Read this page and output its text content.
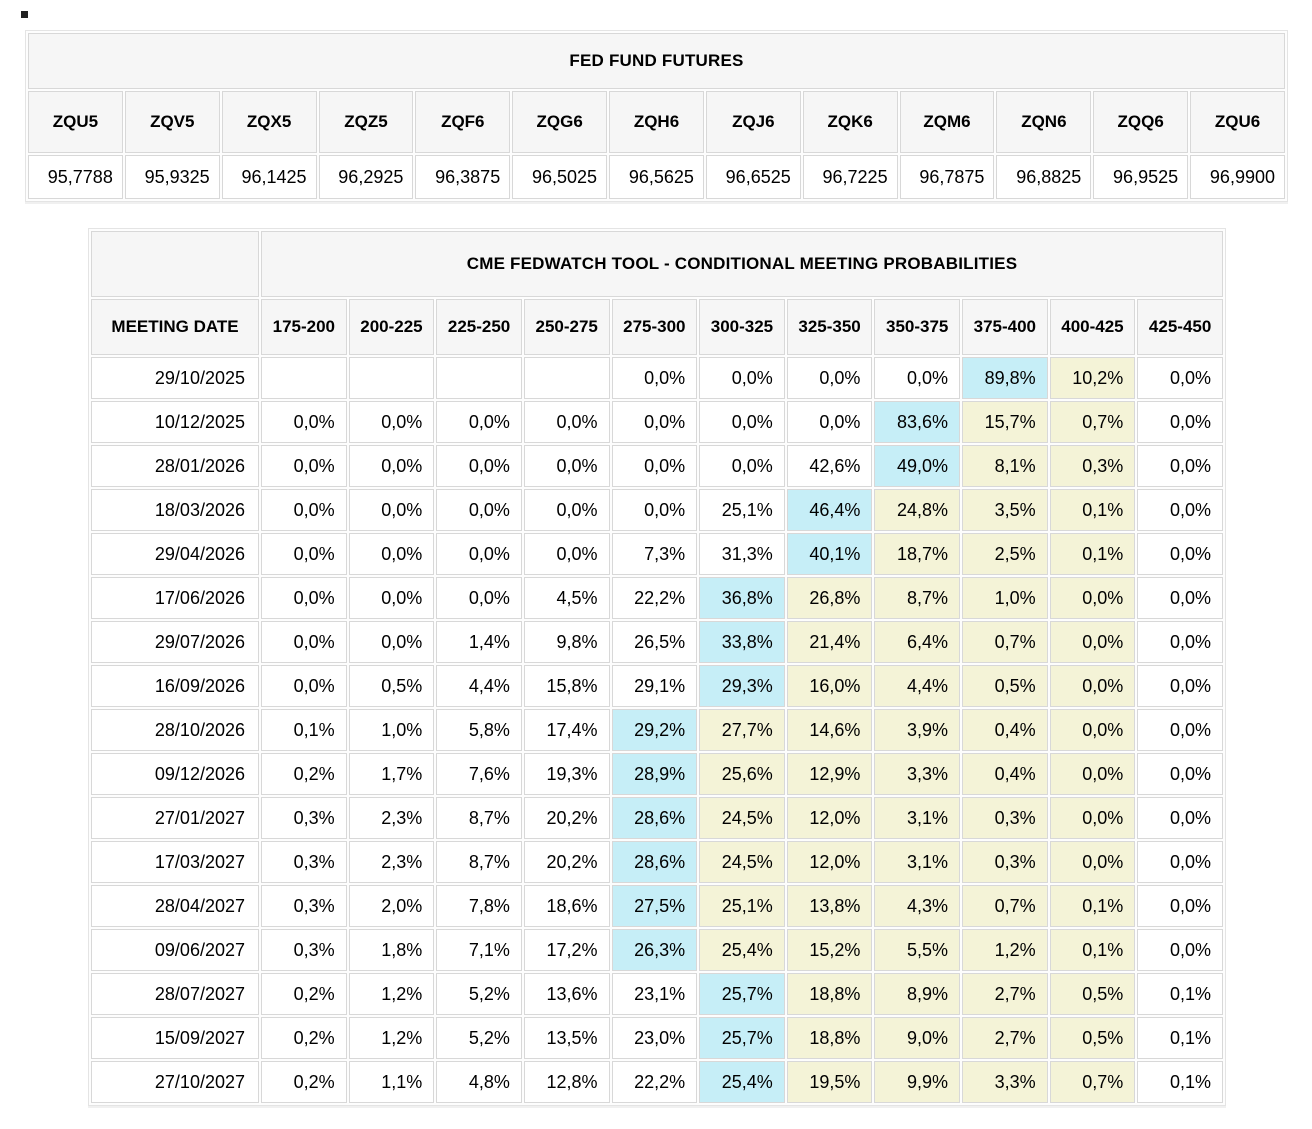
FED FUND FUTURES												
ZQU5	ZQV5	ZQX5	ZQZ5	ZQF6	ZQG6	ZQH6	ZQJ6	ZQK6	ZQM6	ZQN6	ZQQ6	ZQU6
95,7788	95,9325	96,1425	96,2925	96,3875	96,5025	96,5625	96,6525	96,7225	96,7875	96,8825	96,9525	96,9900
	CME FEDWATCH TOOL - CONDITIONAL MEETING PROBABILITIES										
MEETING DATE	175-200	200-225	225-250	250-275	275-300	300-325	325-350	350-375	375-400	400-425	425-450
29/10/2025					0,0%	0,0%	0,0%	0,0%	89,8%	10,2%	0,0%
10/12/2025	0,0%	0,0%	0,0%	0,0%	0,0%	0,0%	0,0%	83,6%	15,7%	0,7%	0,0%
28/01/2026	0,0%	0,0%	0,0%	0,0%	0,0%	0,0%	42,6%	49,0%	8,1%	0,3%	0,0%
18/03/2026	0,0%	0,0%	0,0%	0,0%	0,0%	25,1%	46,4%	24,8%	3,5%	0,1%	0,0%
29/04/2026	0,0%	0,0%	0,0%	0,0%	7,3%	31,3%	40,1%	18,7%	2,5%	0,1%	0,0%
17/06/2026	0,0%	0,0%	0,0%	4,5%	22,2%	36,8%	26,8%	8,7%	1,0%	0,0%	0,0%
29/07/2026	0,0%	0,0%	1,4%	9,8%	26,5%	33,8%	21,4%	6,4%	0,7%	0,0%	0,0%
16/09/2026	0,0%	0,5%	4,4%	15,8%	29,1%	29,3%	16,0%	4,4%	0,5%	0,0%	0,0%
28/10/2026	0,1%	1,0%	5,8%	17,4%	29,2%	27,7%	14,6%	3,9%	0,4%	0,0%	0,0%
09/12/2026	0,2%	1,7%	7,6%	19,3%	28,9%	25,6%	12,9%	3,3%	0,4%	0,0%	0,0%
27/01/2027	0,3%	2,3%	8,7%	20,2%	28,6%	24,5%	12,0%	3,1%	0,3%	0,0%	0,0%
17/03/2027	0,3%	2,3%	8,7%	20,2%	28,6%	24,5%	12,0%	3,1%	0,3%	0,0%	0,0%
28/04/2027	0,3%	2,0%	7,8%	18,6%	27,5%	25,1%	13,8%	4,3%	0,7%	0,1%	0,0%
09/06/2027	0,3%	1,8%	7,1%	17,2%	26,3%	25,4%	15,2%	5,5%	1,2%	0,1%	0,0%
28/07/2027	0,2%	1,2%	5,2%	13,6%	23,1%	25,7%	18,8%	8,9%	2,7%	0,5%	0,1%
15/09/2027	0,2%	1,2%	5,2%	13,5%	23,0%	25,7%	18,8%	9,0%	2,7%	0,5%	0,1%
27/10/2027	0,2%	1,1%	4,8%	12,8%	22,2%	25,4%	19,5%	9,9%	3,3%	0,7%	0,1%
